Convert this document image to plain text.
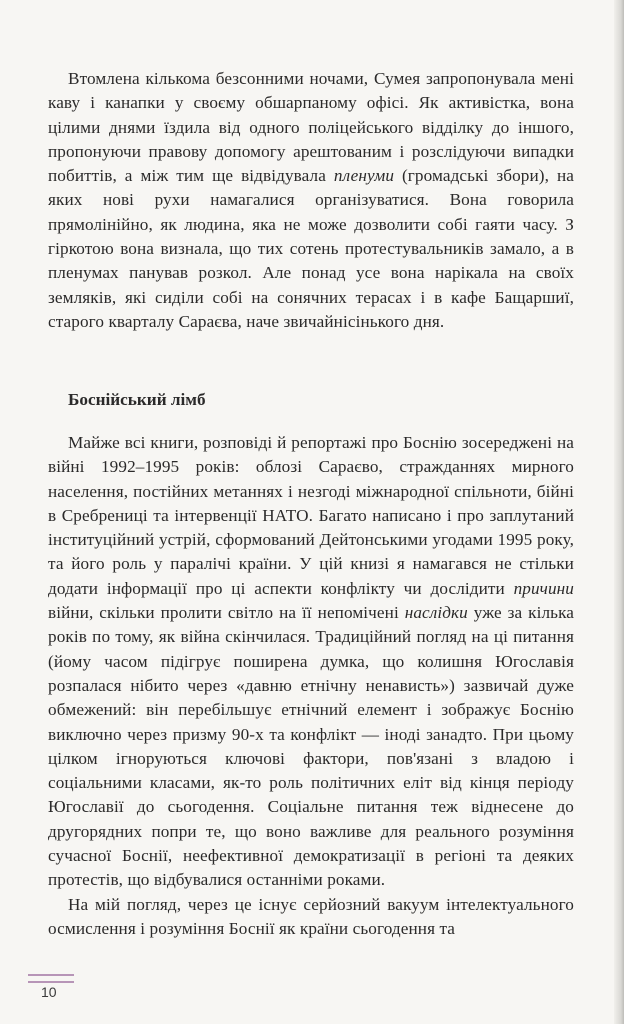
Втомлена кількома безсонними ночами, Сумея запропонувала мені каву і канапки у своєму обшарпаному офісі. Як активістка, вона цілими днями їздила від одного поліцейського відділку до іншого, пропонуючи правову допомогу арештованим і розслідуючи випадки побиттів, а між тим ще відвідувала пленуми (громадські збори), на яких нові рухи намагалися організуватися. Вона говорила прямолінійно, як людина, яка не може дозволити собі гаяти часу. З гіркотою вона визнала, що тих сотень протестувальників замало, а в пленумах панував розкол. Але понад усе вона нарікала на своїх земляків, які сиділи собі на сонячних терасах і в кафе Бащаршиї, старого кварталу Сараєва, наче звичайнісінького дня.

Боснійський лімб

Майже всі книги, розповіді й репортажі про Боснію зосереджені на війні 1992–1995 років: облозі Сараєво, стражданнях мирного населення, постійних метаннях і незгоді міжнародної спільноти, бійні в Сребрениці та інтервенції НАТО. Багато написано і про заплутаний інституційний устрій, сформований Дейтонськими угодами 1995 року, та його роль у паралічі країни. У цій книзі я намагався не стільки додати інформації про ці аспекти конфлікту чи дослідити причини війни, скільки пролити світло на її непомічені наслідки уже за кілька років по тому, як війна скінчилася. Традиційний погляд на ці питання (йому часом підігрує поширена думка, що колишня Югославія розпалася нібито через «давню етнічну ненависть») зазвичай дуже обмежений: він перебільшує етнічний елемент і зображує Боснію виключно через призму 90-х та конфлікт — іноді занадто. При цьому цілком ігноруються ключові фактори, пов'язані з владою і соціальними класами, як-то роль політичних еліт від кінця періоду Югославії до сьогодення. Соціальне питання теж віднесене до другорядних попри те, що воно важливе для реального розуміння сучасної Боснії, неефективної демократизації в регіоні та деяких протестів, що відбувалися останніми роками.

На мій погляд, через це існує серйозний вакуум інтелектуального осмислення і розуміння Боснії як країни сьогодення та

10
